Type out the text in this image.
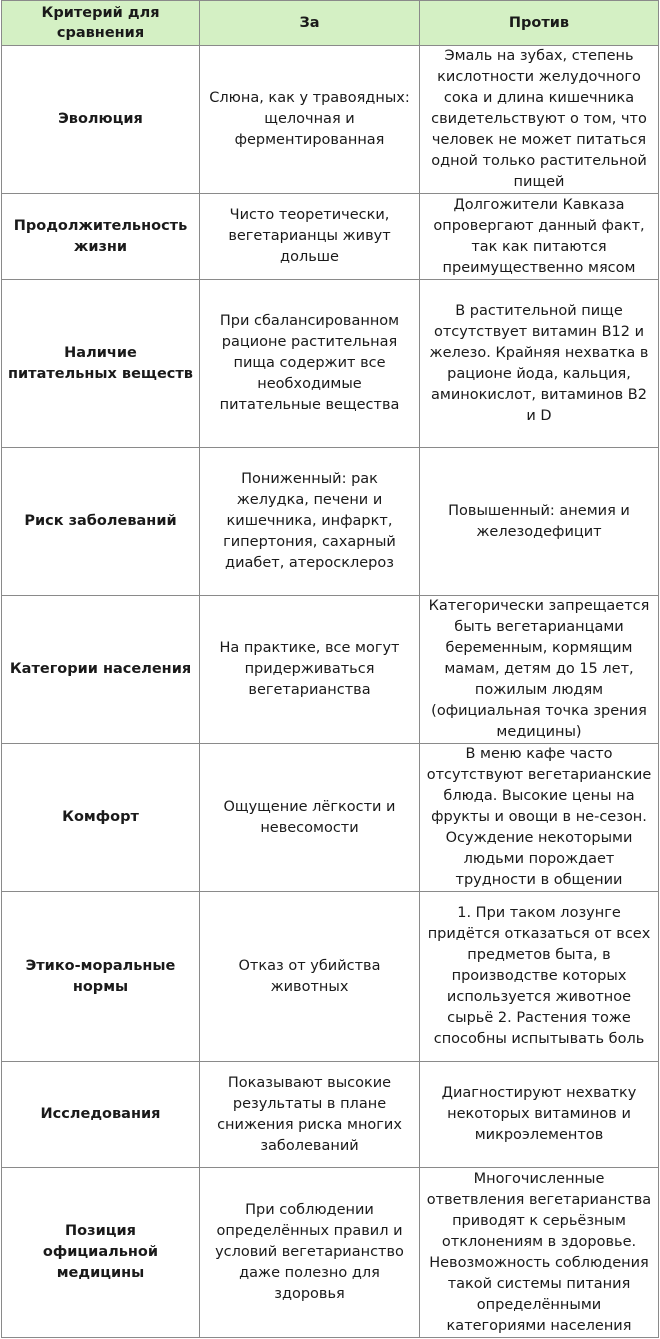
Критерий для сравнения	За	Против
Эволюция	Слюна, как у травоядных: щелочная и ферментированная	Эмаль на зубах, степень кислотности желудочного сока и длина кишечника свидетельствуют о том, что человек не может питаться одной только растительной пищей
Продолжительность жизни	Чисто теоретически, вегетарианцы живут дольше	Долгожители Кавказа опровергают данный факт, так как питаются преимущественно мясом
Наличие питательных веществ	При сбалансированном рационе растительная пища содержит все необходимые питательные вещества	В растительной пище отсутствует витамин B12 и железо. Крайняя нехватка в рационе йода, кальция, аминокислот, витаминов B2 и D
Риск заболеваний	Пониженный: рак желудка, печени и кишечника, инфаркт, гипертония, сахарный диабет, атеросклероз	Повышенный: анемия и железодефицит
Категории населения	На практике, все могут придерживаться вегетарианства	Категорически запрещается быть вегетарианцами беременным, кормящим мамам, детям до 15 лет, пожилым людям (официальная точка зрения медицины)
Комфорт	Ощущение лёгкости и невесомости	В меню кафе часто отсутствуют вегетарианские блюда. Высокие цены на фрукты и овощи в не-сезон. Осуждение некоторыми людьми порождает трудности в общении
Этико-моральные нормы	Отказ от убийства животных	1. При таком лозунге придётся отказаться от всех предметов быта, в производстве которых используется животное сырьё 2. Растения тоже способны испытывать боль
Исследования	Показывают высокие результаты в плане снижения риска многих заболеваний	Диагностируют нехватку некоторых витаминов и микроэлементов
Позиция официальной медицины	При соблюдении определённых правил и условий вегетарианство даже полезно для здоровья	Многочисленные ответвления вегетарианства приводят к серьёзным отклонениям в здоровье. Невозможность соблюдения такой системы питания определёнными категориями населения
